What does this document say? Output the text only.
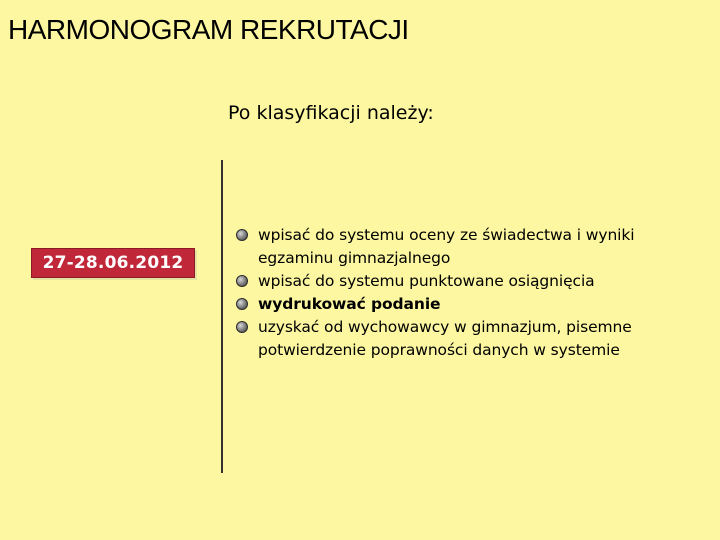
HARMONOGRAM REKRUTACJI
Po klasyfikacji należy:
27-28.06.2012
wpisać do systemu oceny ze świadectwa i wyniki egzaminu gimnazjalnego
wpisać do systemu punktowane osiągnięcia
wydrukować podanie
uzyskać od wychowawcy w gimnazjum, pisemne potwierdzenie poprawności danych w systemie
